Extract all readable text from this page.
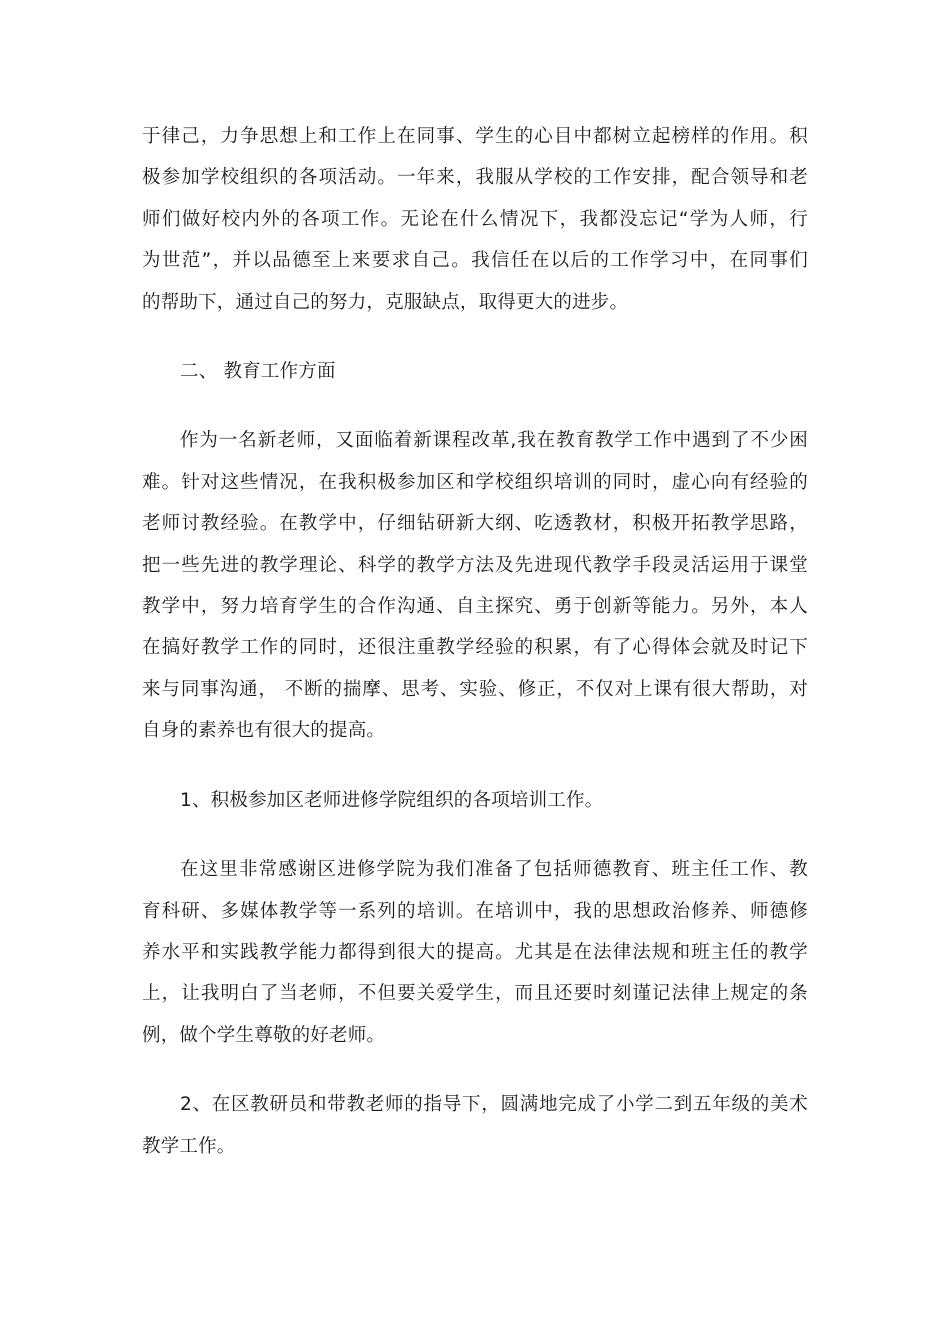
于律己，力争思想上和工作上在同事、学生的心目中都树立起榜样的作用。积
极参加学校组织的各项活动。一年来，我服从学校的工作安排，配合领导和老
师们做好校内外的各项工作。无论在什么情况下，我都没忘记“学为人师，行
为世范”，并以品德至上来要求自己。我信任在以后的工作学习中，在同事们
的帮助下，通过自己的努力，克服缺点，取得更大的进步。
二、 教育工作方面
作为一名新老师，又面临着新课程改革,我在教育教学工作中遇到了不少困
难。针对这些情况，在我积极参加区和学校组织培训的同时，虚心向有经验的
老师讨教经验。在教学中，仔细钻研新大纲、吃透教材，积极开拓教学思路，
把一些先进的教学理论、科学的教学方法及先进现代教学手段灵活运用于课堂
教学中，努力培育学生的合作沟通、自主探究、勇于创新等能力。另外，本人
在搞好教学工作的同时，还很注重教学经验的积累，有了心得体会就及时记下
来与同事沟通， 不断的揣摩、思考、实验、修正，不仅对上课有很大帮助，对
自身的素养也有很大的提高。
1、积极参加区老师进修学院组织的各项培训工作。
在这里非常感谢区进修学院为我们准备了包括师德教育、班主任工作、教
育科研、多媒体教学等一系列的培训。在培训中，我的思想政治修养、师德修
养水平和实践教学能力都得到很大的提高。尤其是在法律法规和班主任的教学
上，让我明白了当老师，不但要关爱学生，而且还要时刻谨记法律上规定的条
例，做个学生尊敬的好老师。
2、在区教研员和带教老师的指导下，圆满地完成了小学二到五年级的美术
教学工作。
